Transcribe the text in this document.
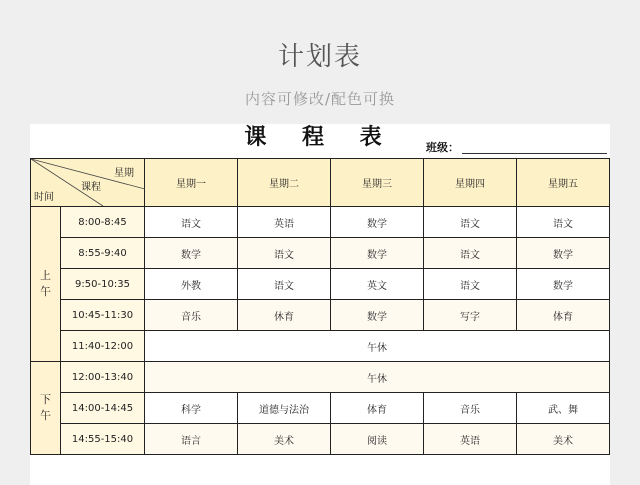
计划表
内容可修改/配色可换
课 程 表	班级：
星期
课程
时间		星期一	星期二	星期三	星期四	星期五
上
午	8:00-8:45	语文	英语	数学	语文	语文
	8:55-9:40	数学	语文	数学	语文	数学
	9:50-10:35	外教	语文	英文	语文	数学
	10:45-11:30	音乐	休育	数学	写字	体育
	11:40-12:00	午休				
下
午	12:00-13:40	午休				
	14:00-14:45	科学	道德与法治	体育	音乐	武、舞
	14:55-15:40	语言	美术	阅读	英语	美术
